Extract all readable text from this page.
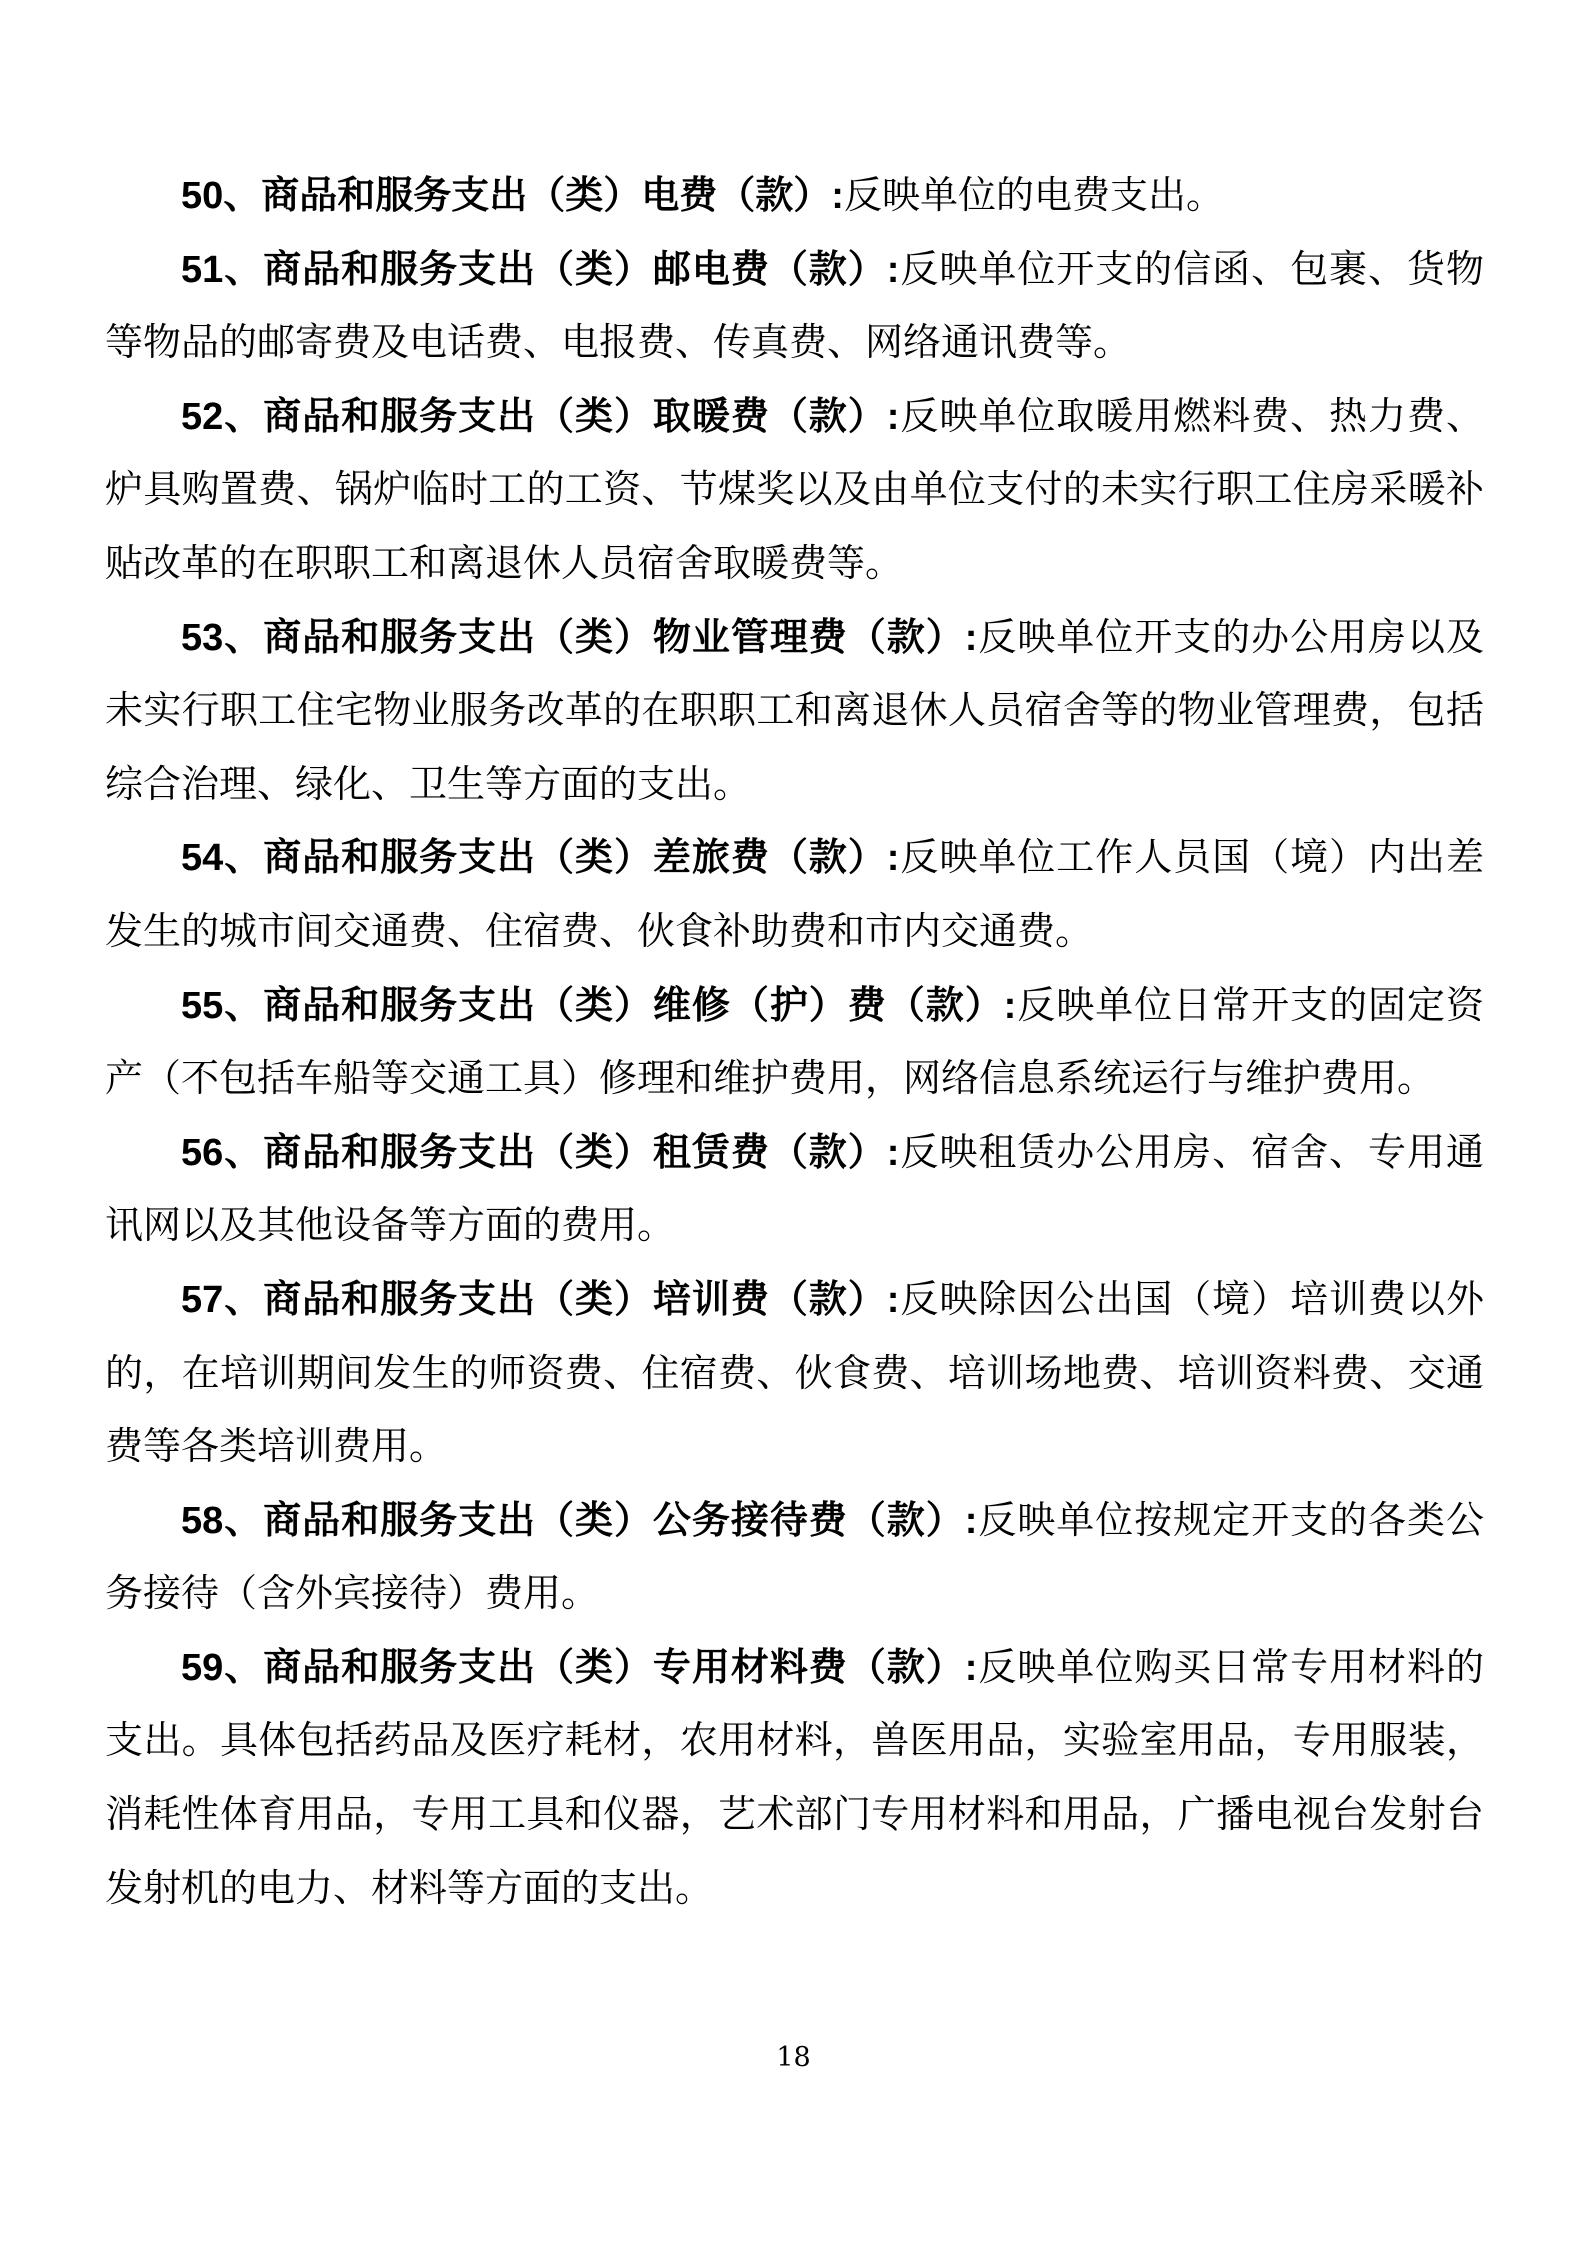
50、商品和服务支出（类）电费（款）:反映单位的电费支出。

51、商品和服务支出（类）邮电费（款）:反映单位开支的信函、包裹、货物等物品的邮寄费及电话费、电报费、传真费、网络通讯费等。

52、商品和服务支出（类）取暖费（款）:反映单位取暖用燃料费、热力费、炉具购置费、锅炉临时工的工资、节煤奖以及由单位支付的未实行职工住房采暖补贴改革的在职职工和离退休人员宿舍取暖费等。

53、商品和服务支出（类）物业管理费（款）:反映单位开支的办公用房以及未实行职工住宅物业服务改革的在职职工和离退休人员宿舍等的物业管理费，包括综合治理、绿化、卫生等方面的支出。

54、商品和服务支出（类）差旅费（款）:反映单位工作人员国（境）内出差发生的城市间交通费、住宿费、伙食补助费和市内交通费。

55、商品和服务支出（类）维修（护）费（款）:反映单位日常开支的固定资产（不包括车船等交通工具）修理和维护费用，网络信息系统运行与维护费用。

56、商品和服务支出（类）租赁费（款）:反映租赁办公用房、宿舍、专用通讯网以及其他设备等方面的费用。

57、商品和服务支出（类）培训费（款）:反映除因公出国（境）培训费以外的，在培训期间发生的师资费、住宿费、伙食费、培训场地费、培训资料费、交通费等各类培训费用。

58、商品和服务支出（类）公务接待费（款）:反映单位按规定开支的各类公务接待（含外宾接待）费用。

59、商品和服务支出（类）专用材料费（款）:反映单位购买日常专用材料的支出。具体包括药品及医疗耗材，农用材料，兽医用品，实验室用品，专用服装，消耗性体育用品，专用工具和仪器，艺术部门专用材料和用品，广播电视台发射台发射机的电力、材料等方面的支出。

18
